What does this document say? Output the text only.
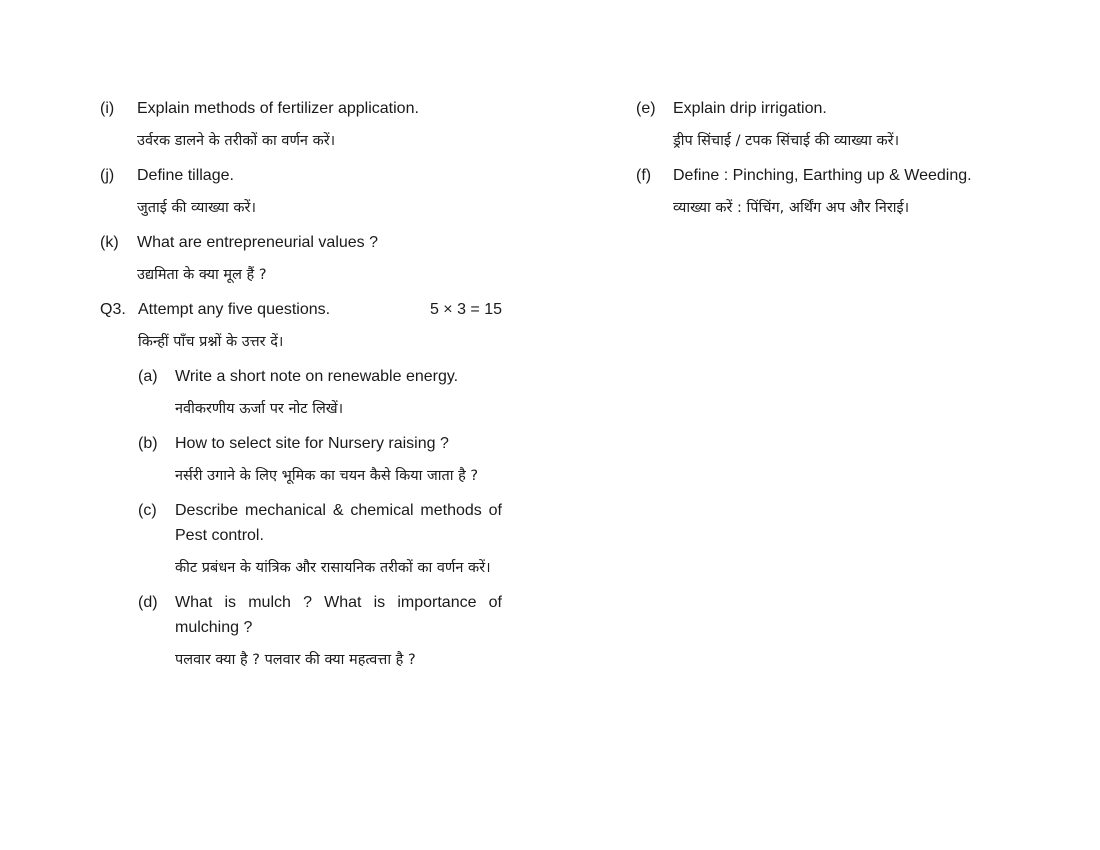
(i)	Explain methods of fertilizer application.
उर्वरक डालने के तरीकों का वर्णन करें।
(j)	Define tillage.
जुताई की व्याख्या करें।
(k)	What are entrepreneurial values ?
उद्यमिता के क्या मूल हैं ?
Q3. Attempt any five questions.	5 × 3 = 15
किन्हीं पाँच प्रश्नों के उत्तर दें।
(a)	Write a short note on renewable energy.
नवीकरणीय ऊर्जा पर नोट लिखें।
(b)	How to select site for Nursery raising ?
नर्सरी उगाने के लिए भूमिक का चयन कैसे किया जाता है ?
(c)	Describe mechanical & chemical methods of Pest control.
कीट प्रबंधन के यांत्रिक और रासायनिक तरीकों का वर्णन करें।
(d)	What is mulch ? What is importance of mulching ?
पलवार क्या है ? पलवार की क्या महत्वत्ता है ?
(e)	Explain drip irrigation.
ड्रीप सिंचाई / टपक सिंचाई की व्याख्या करें।
(f)	Define : Pinching, Earthing up & Weeding.
व्याख्या करें : पिंचिंग, अर्थिंग अप और निराई।
